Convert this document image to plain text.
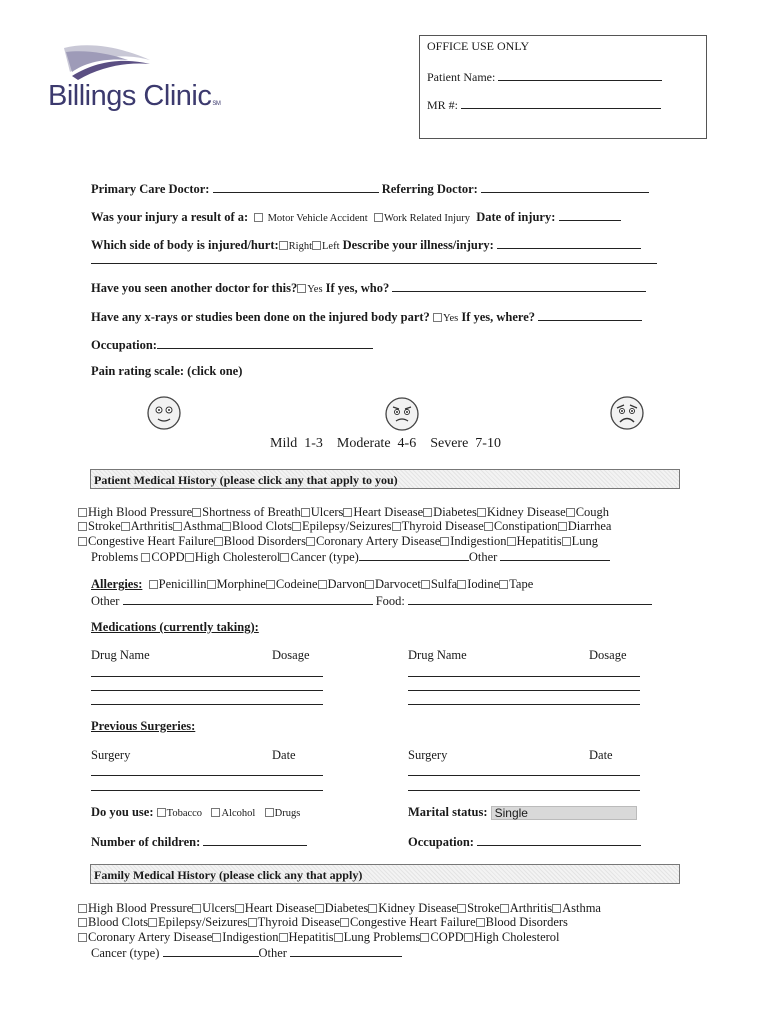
Billings ClinicSM
OFFICE USE ONLY
Patient Name:
MR #:
Primary Care Doctor:	Referring Doctor:
Was your injury a result of a: Motor Vehicle Accident Work Related Injury Date of injury:
Which side of body is injured/hurt: Right Left Describe your illness/injury:
Have you seen another doctor for this? Yes If yes, who?
Have any x-rays or studies been done on the injured body part? Yes If yes, where?
Occupation:
Pain rating scale: (click one)
Mild  1-3    Moderate  4-6    Severe  7-10
Patient Medical History (please click any that apply to you)
High Blood Pressure Shortness of Breath Ulcers Heart Disease Diabetes Kidney Disease Cough
Stroke Arthritis Asthma Blood Clots Epilepsy/Seizures Thyroid Disease Constipation Diarrhea
Congestive Heart Failure Blood Disorders Coronary Artery Disease Indigestion Hepatitis Lung
Problems COPD High Cholesterol Cancer (type)	Other
Allergies: Penicillin Morphine Codeine Darvon Darvocet Sulfa Iodine Tape
Other	Food:
Medications (currently taking):
Drug Name	Dosage	Drug Name	Dosage
Previous Surgeries:
Surgery	Date	Surgery	Date
Do you use: Tobacco Alcohol Drugs	Marital status: Single
Number of children:	Occupation:
Family Medical History (please click any that apply)
High Blood Pressure Ulcers Heart Disease Diabetes Kidney Disease Stroke Arthritis Asthma
Blood Clots Epilepsy/Seizures Thyroid Disease Congestive Heart Failure Blood Disorders
Coronary Artery Disease Indigestion Hepatitis Lung Problems COPD High Cholesterol
Cancer (type)	Other
